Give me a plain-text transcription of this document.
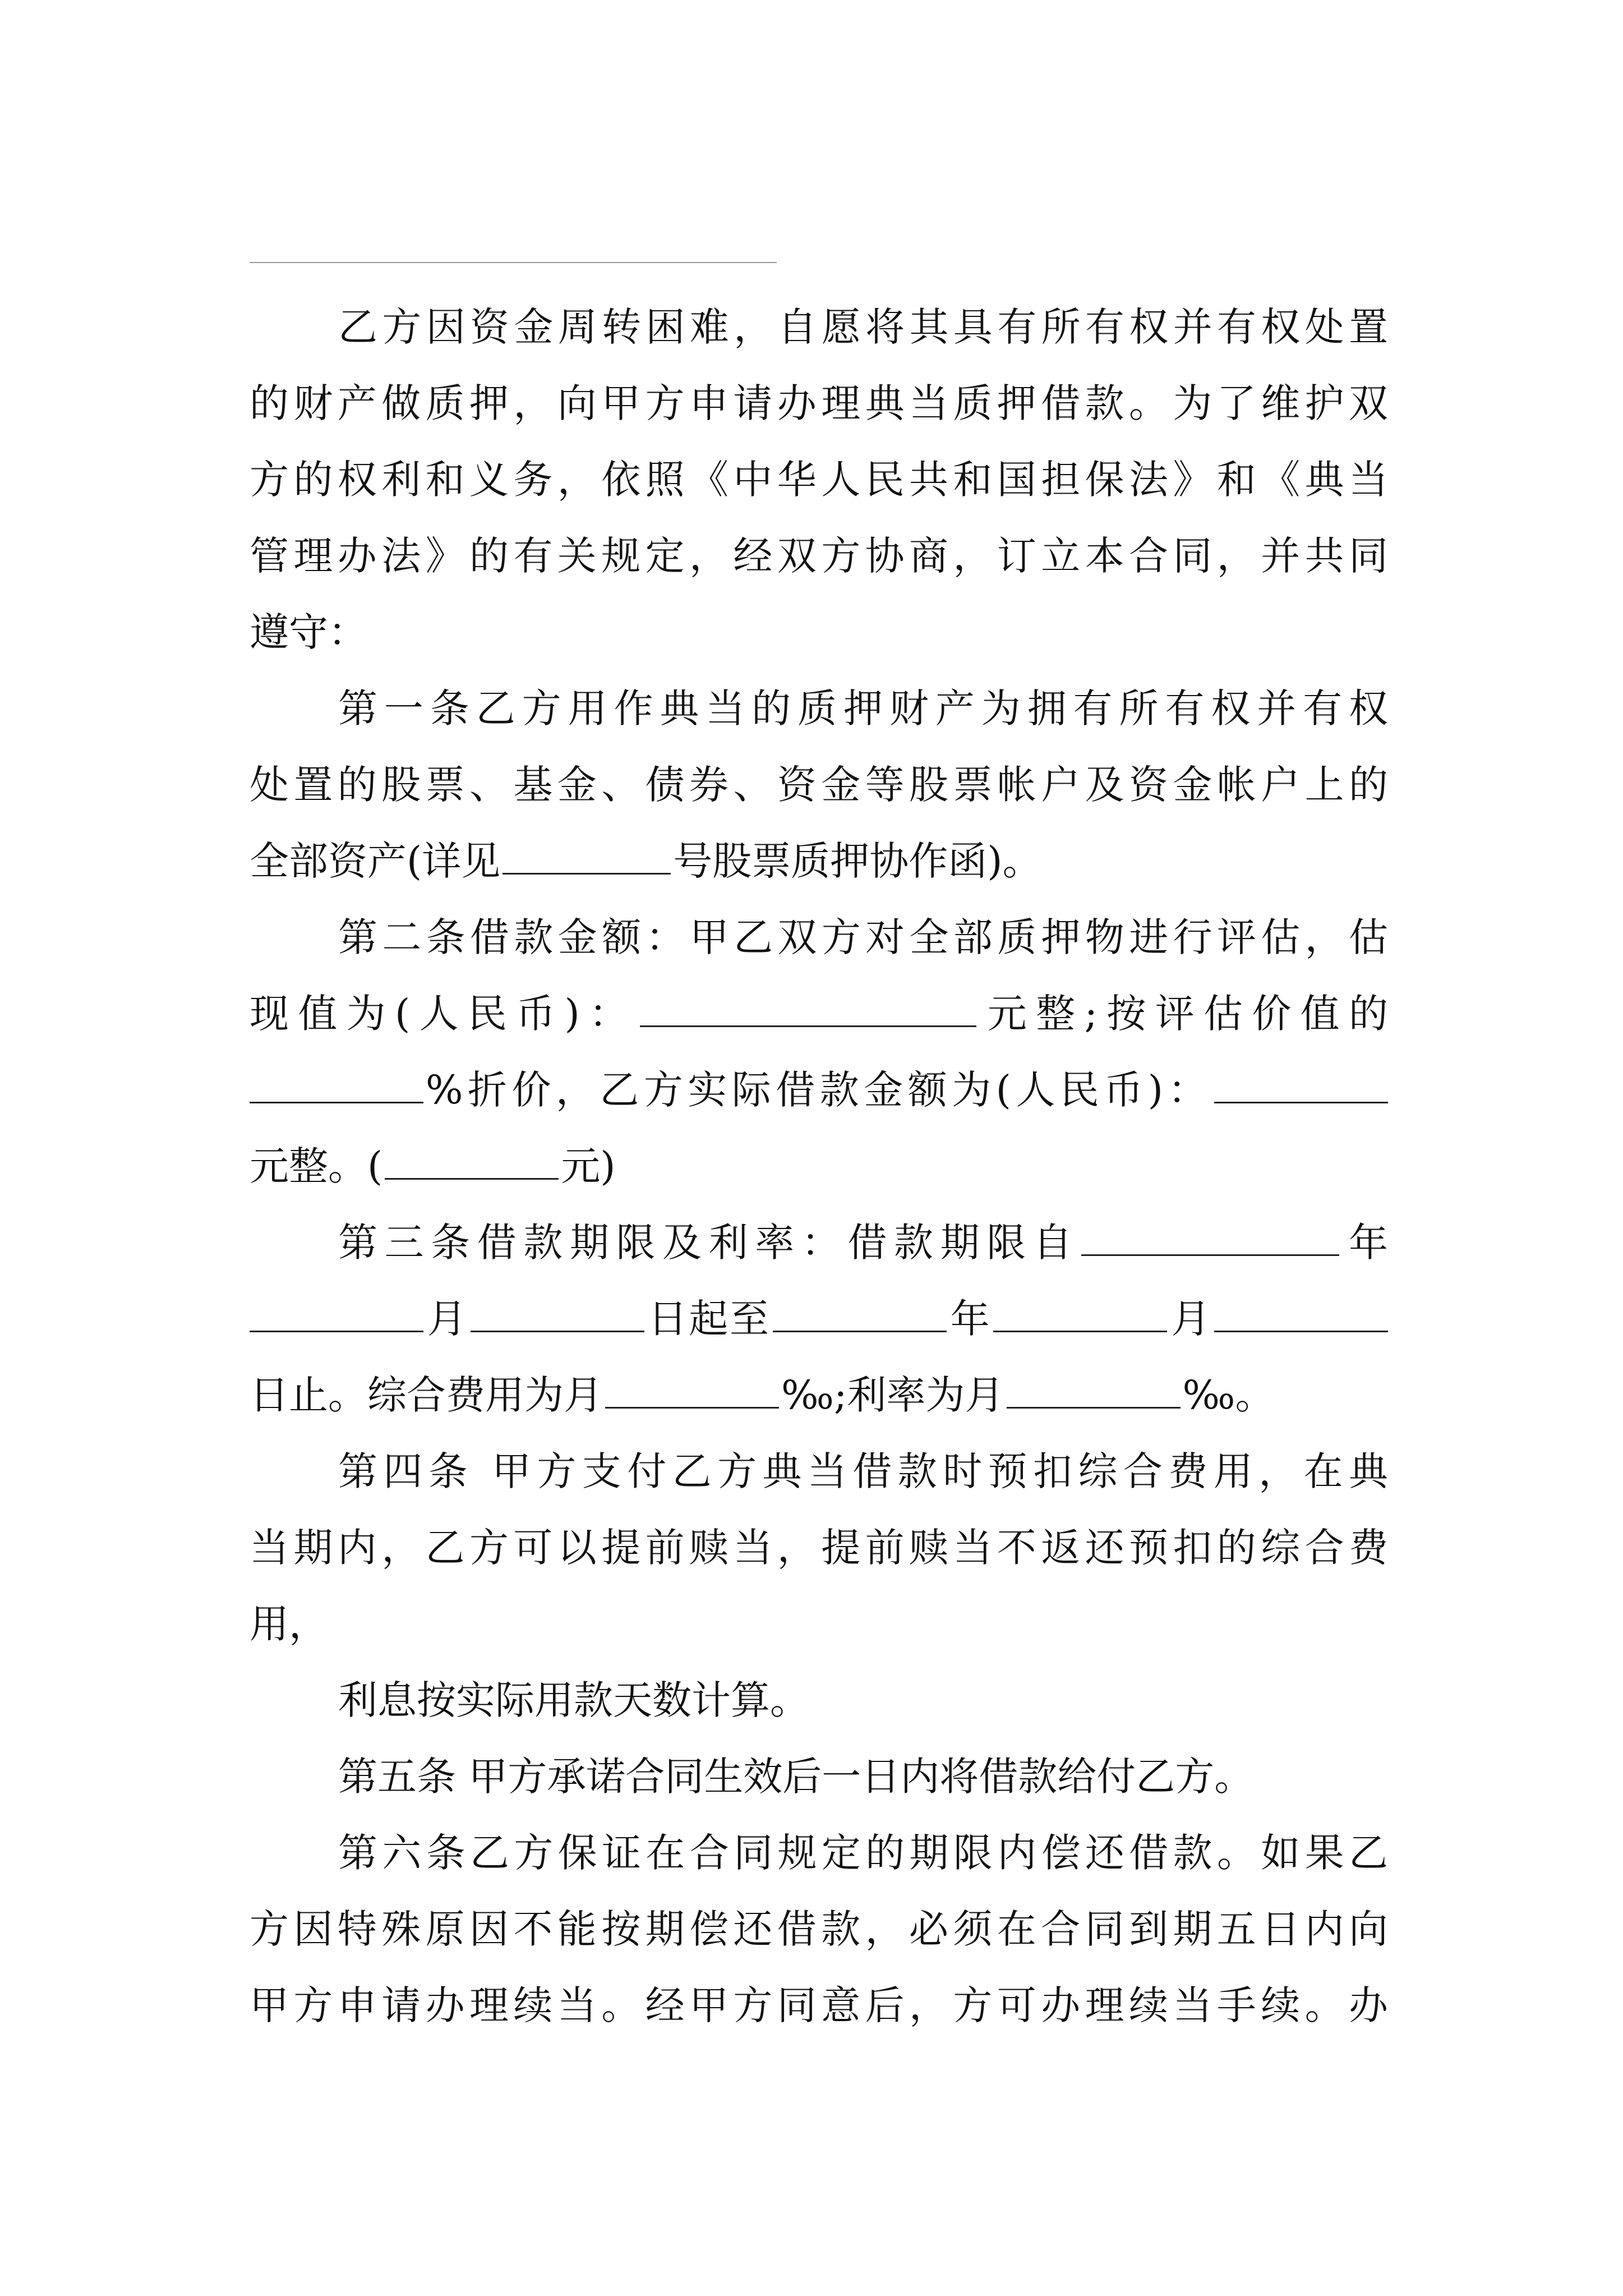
乙方因资金周转困难，自愿将其具有所有权并有权处置
的财产做质押，向甲方申请办理典当质押借款。为了维护双
方的权利和义务，依照《中华人民共和国担保法》和《典当
管理办法》的有关规定，经双方协商，订立本合同，并共同
遵守：
第一条乙方用作典当的质押财产为拥有所有权并有权
处置的股票、基金、债券、资金等股票帐户及资金帐户上的
全部资产(详见	号股票质押协作函)。
第二条借款金额：甲乙双方对全部质押物进行评估，估
现值为(人民币)：	元整;按评估价值的
%折价，乙方实际借款金额为(人民币)：
元整。(	元)
第三条借款期限及利率：借款期限自	年
月	日起至	年	月
日止。综合费用为月	‰;利率为月	‰。
第四条 甲方支付乙方典当借款时预扣综合费用，在典
当期内，乙方可以提前赎当，提前赎当不返还预扣的综合费
用，
利息按实际用款天数计算。
第五条 甲方承诺合同生效后一日内将借款给付乙方。
第六条乙方保证在合同规定的期限内偿还借款。如果乙
方因特殊原因不能按期偿还借款，必须在合同到期五日内向
甲方申请办理续当。经甲方同意后，方可办理续当手续。办
